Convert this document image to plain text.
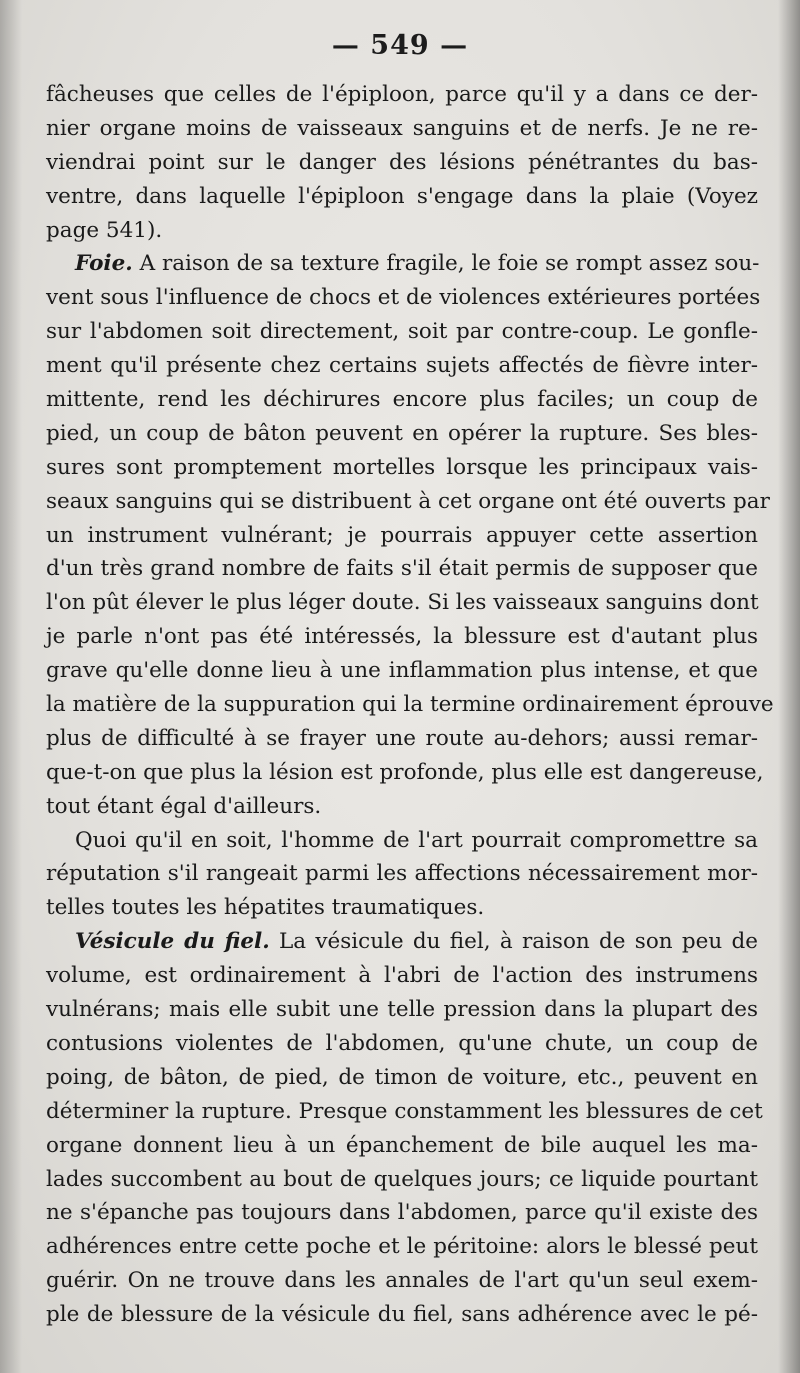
— 549 —
fâcheuses que celles de l'épiploon, parce qu'il y a dans ce der-
nier organe moins de vaisseaux sanguins et de nerfs. Je ne re-
viendrai point sur le danger des lésions pénétrantes du bas-
ventre, dans laquelle l'épiploon s'engage dans la plaie (Voyez
page 541).
Foie. A raison de sa texture fragile, le foie se rompt assez sou-
vent sous l'influence de chocs et de violences extérieures portées
sur l'abdomen soit directement, soit par contre-coup. Le gonfle-
ment qu'il présente chez certains sujets affectés de fièvre inter-
mittente, rend les déchirures encore plus faciles; un coup de
pied, un coup de bâton peuvent en opérer la rupture. Ses bles-
sures sont promptement mortelles lorsque les principaux vais-
seaux sanguins qui se distribuent à cet organe ont été ouverts par
un instrument vulnérant; je pourrais appuyer cette assertion
d'un très grand nombre de faits s'il était permis de supposer que
l'on pût élever le plus léger doute. Si les vaisseaux sanguins dont
je parle n'ont pas été intéressés, la blessure est d'autant plus
grave qu'elle donne lieu à une inflammation plus intense, et que
la matière de la suppuration qui la termine ordinairement éprouve
plus de difficulté à se frayer une route au-dehors; aussi remar-
que-t-on que plus la lésion est profonde, plus elle est dangereuse,
tout étant égal d'ailleurs.
Quoi qu'il en soit, l'homme de l'art pourrait compromettre sa
réputation s'il rangeait parmi les affections nécessairement mor-
telles toutes les hépatites traumatiques.
Vésicule du fiel. La vésicule du fiel, à raison de son peu de
volume, est ordinairement à l'abri de l'action des instrumens
vulnérans; mais elle subit une telle pression dans la plupart des
contusions violentes de l'abdomen, qu'une chute, un coup de
poing, de bâton, de pied, de timon de voiture, etc., peuvent en
déterminer la rupture. Presque constamment les blessures de cet
organe donnent lieu à un épanchement de bile auquel les ma-
lades succombent au bout de quelques jours; ce liquide pourtant
ne s'épanche pas toujours dans l'abdomen, parce qu'il existe des
adhérences entre cette poche et le péritoine: alors le blessé peut
guérir. On ne trouve dans les annales de l'art qu'un seul exem-
ple de blessure de la vésicule du fiel, sans adhérence avec le pé-
